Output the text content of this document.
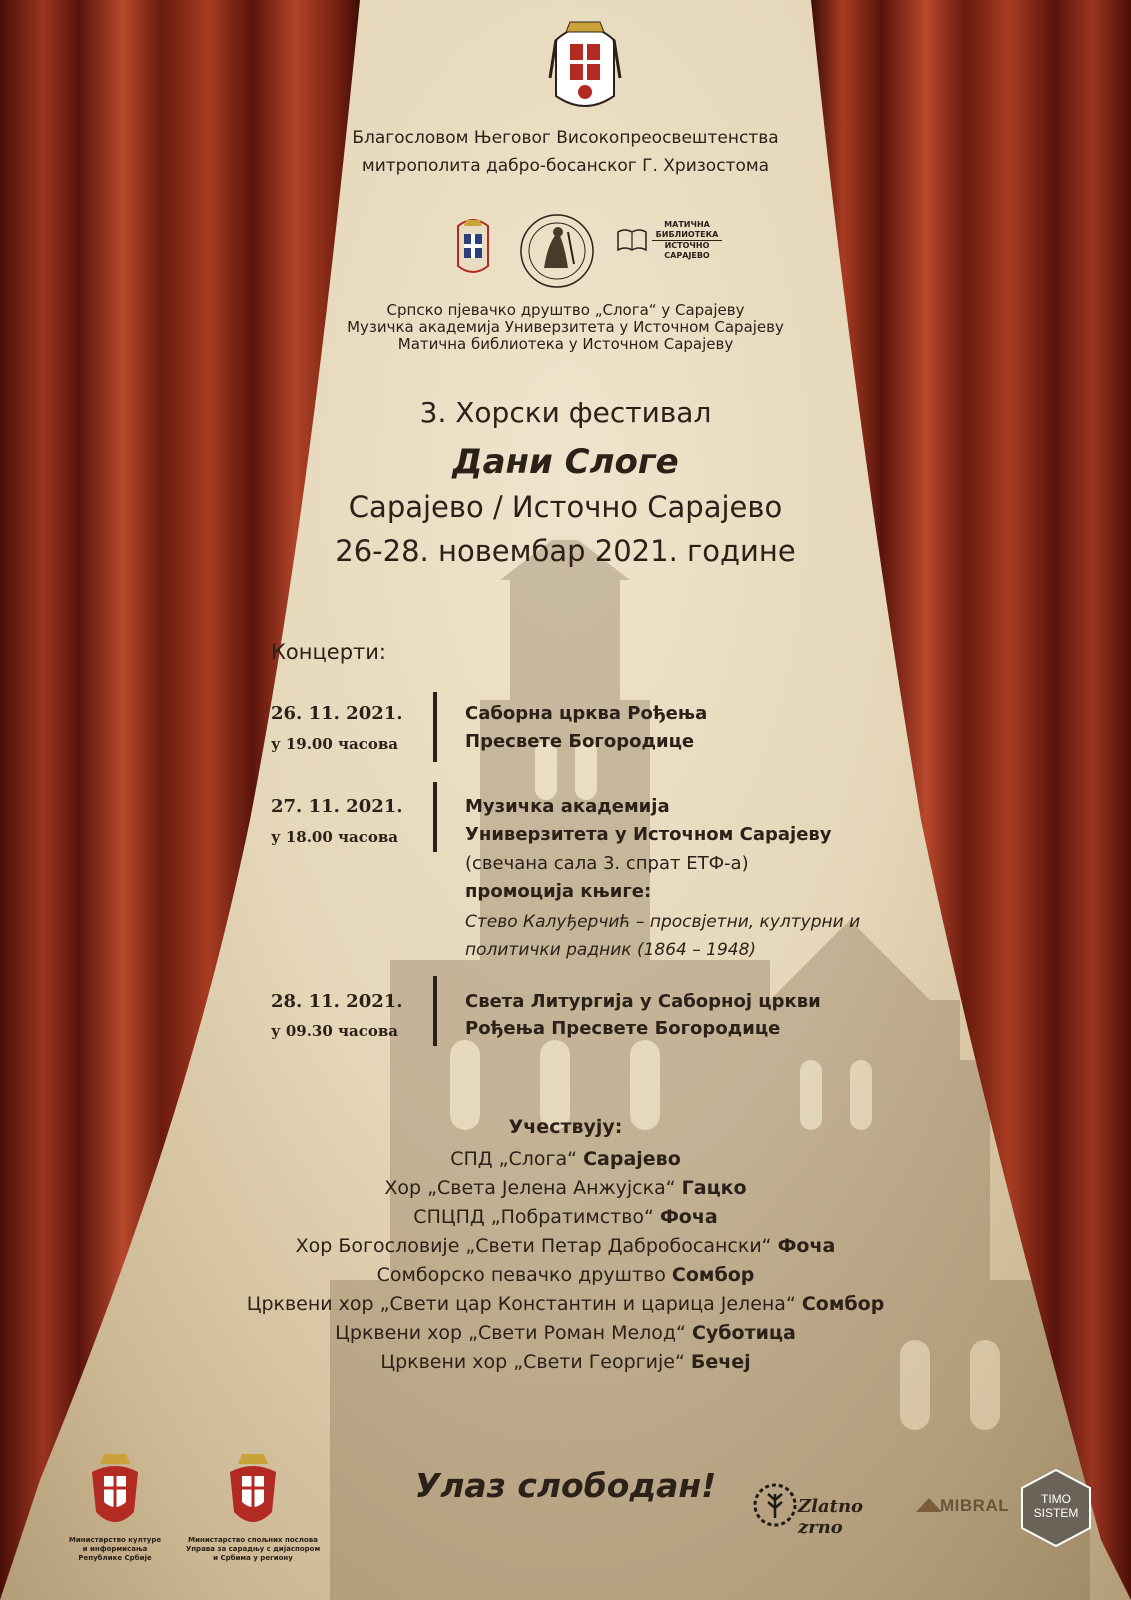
Благословом Његовог Високопреосвештенства
митрополита дабро-босанског Г. Хризостома
МАТИЧНА
БИБЛИОТЕКА
ИСТОЧНО
САРАЈЕВО
Српско пјевачко друштво „Слога“ у Сарајеву
Музичка академија Универзитета у Источном Сарајеву
Матична библиотека у Источном Сарајеву
3. Хорски фестивал
Дани Слоге
Сарајево / Источно Сарајево
26-28. новембар 2021. године
Концерти:
26. 11. 2021.
у 19.00 часова
Саборна црква Рођења
Пресвете Богородице
27. 11. 2021.
у 18.00 часова
Музичка академија
Универзитета у Источном Сарајеву
(свечана сала 3. спрат ЕТФ-а)
промоција књиге:
Стево Калуђерчић – просвјетни, културни и
политички радник (1864 – 1948)
28. 11. 2021.
у 09.30 часова
Света Литургија у Саборној цркви
Рођења Пресвете Богородице
Учествују:
СПД „Слога“ Сарајево
Хор „Света Јелена Анжујска“ Гацко
СПЦПД „Побратимство“ Фоча
Хор Богословије „Свети Петар Дабробосански“ Фоча
Сомборско певачко друштво Сомбор
Црквени хор „Свети цар Константин и царица Јелена“ Сомбор
Црквени хор „Свети Роман Мелод“ Суботица
Црквени хор „Свети Георгије“ Бечеј
Улаз слободан!
Министарство културе
и информисања
Републике Србије
Министарство спољних послова
Управа за сарадњу с дијаспором
и Србима у региону
Zlatno zrno
MIBRAL	TIMO
SISTEM
